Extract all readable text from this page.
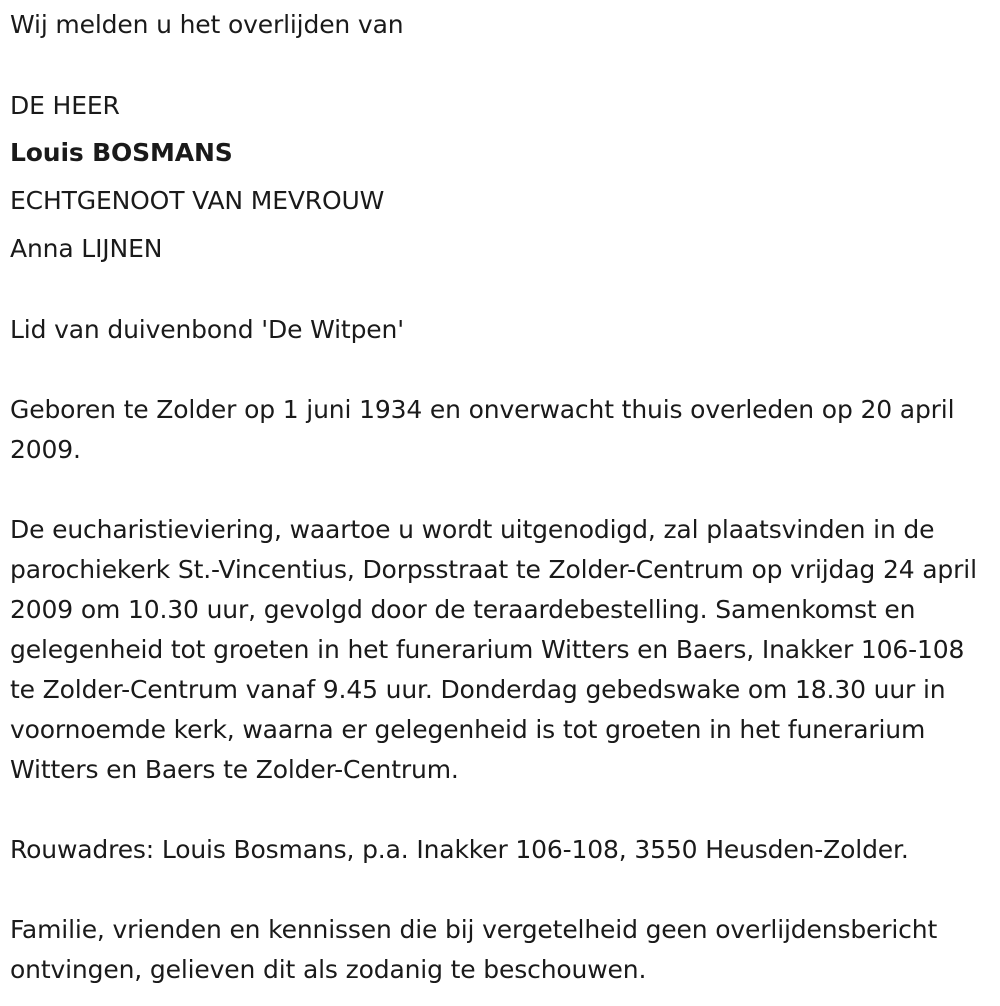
Wij melden u het overlijden van

DE HEER

Louis BOSMANS

ECHTGENOOT VAN MEVROUW

Anna LIJNEN

Lid van duivenbond 'De Witpen'

Geboren te Zolder op 1 juni 1934 en onverwacht thuis overleden op 20 april 2009.

De eucharistieviering, waartoe u wordt uitgenodigd, zal plaatsvinden in de parochiekerk St.-Vincentius, Dorpsstraat te Zolder-Centrum op vrijdag 24 april 2009 om 10.30 uur, gevolgd door de teraardebestelling. Samenkomst en gelegenheid tot groeten in het funerarium Witters en Baers, Inakker 106-108 te Zolder-Centrum vanaf 9.45 uur. Donderdag gebedswake om 18.30 uur in voornoemde kerk, waarna er gelegenheid is tot groeten in het funerarium Witters en Baers te Zolder-Centrum.

Rouwadres: Louis Bosmans, p.a. Inakker 106-108, 3550 Heusden-Zolder.

Familie, vrienden en kennissen die bij vergetelheid geen overlijdensbericht ontvingen, gelieven dit als zodanig te beschouwen.
